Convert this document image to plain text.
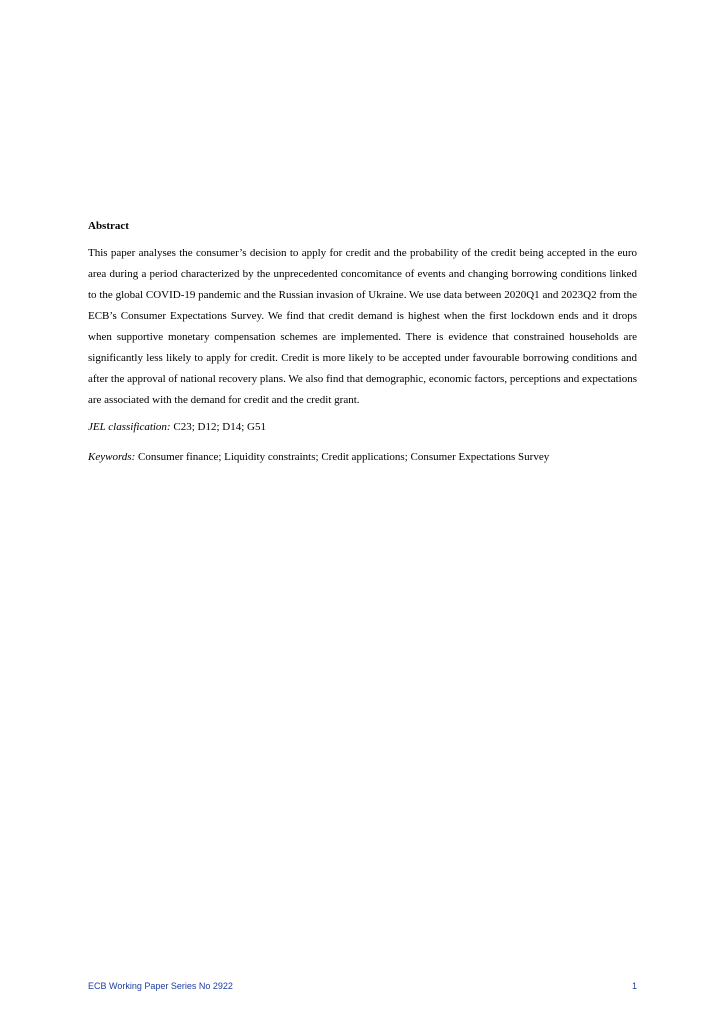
Abstract

This paper analyses the consumer’s decision to apply for credit and the probability of the credit being accepted in the euro area during a period characterized by the unprecedented concomitance of events and changing borrowing conditions linked to the global COVID-19 pandemic and the Russian invasion of Ukraine. We use data between 2020Q1 and 2023Q2 from the ECB’s Consumer Expectations Survey. We find that credit demand is highest when the first lockdown ends and it drops when supportive monetary compensation schemes are implemented. There is evidence that constrained households are significantly less likely to apply for credit. Credit is more likely to be accepted under favourable borrowing conditions and after the approval of national recovery plans. We also find that demographic, economic factors, perceptions and expectations are associated with the demand for credit and the credit grant.

JEL classification: C23; D12; D14; G51

Keywords: Consumer finance; Liquidity constraints; Credit applications; Consumer Expectations Survey

ECB Working Paper Series No 2922	1
